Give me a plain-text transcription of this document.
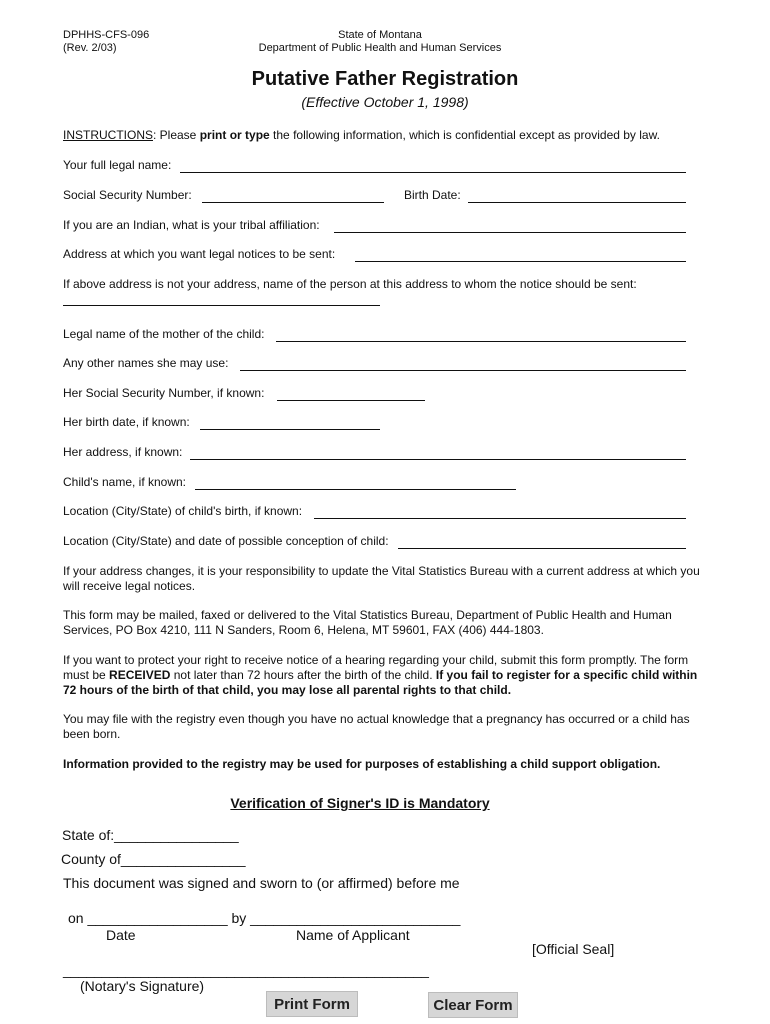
DPHHS-CFS-096
(Rev. 2/03)
State of Montana
Department of Public Health and Human Services
Putative Father Registration
(Effective October 1, 1998)
INSTRUCTIONS: Please print or type the following information, which is confidential except as provided by law.
Your full legal name:
Social Security Number:	Birth Date:
If you are an Indian, what is your tribal affiliation:
Address at which you want legal notices to be sent:
If above address is not your address, name of the person at this address to whom the notice should be sent:
Legal name of the mother of the child:
Any other names she may use:
Her Social Security Number, if known:
Her birth date, if known:
Her address, if known:
Child's name, if known:
Location (City/State) of child's birth, if known:
Location (City/State) and date of possible conception of child:
If your address changes, it is your responsibility to update the Vital Statistics Bureau with a current address at which you will receive legal notices.
This form may be mailed, faxed or delivered to the Vital Statistics Bureau, Department of Public Health and Human Services, PO Box 4210, 111 N Sanders, Room 6, Helena, MT 59601, FAX (406) 444-1803.
If you want to protect your right to receive notice of a hearing regarding your child, submit this form promptly. The form must be RECEIVED not later than 72 hours after the birth of the child. If you fail to register for a specific child within 72 hours of the birth of that child, you may lose all parental rights to that child.
You may file with the registry even though you have no actual knowledge that a pregnancy has occurred or a child has been born.
Information provided to the registry may be used for purposes of establishing a child support obligation.
Verification of Signer's ID is Mandatory
State of:________________
County of________________
This document was signed and sworn to (or affirmed) before me
on __________________ by ___________________________
Date	Name of Applicant
[Official Seal]
_______________________________________________
(Notary's Signature)
Print Form	Clear Form
